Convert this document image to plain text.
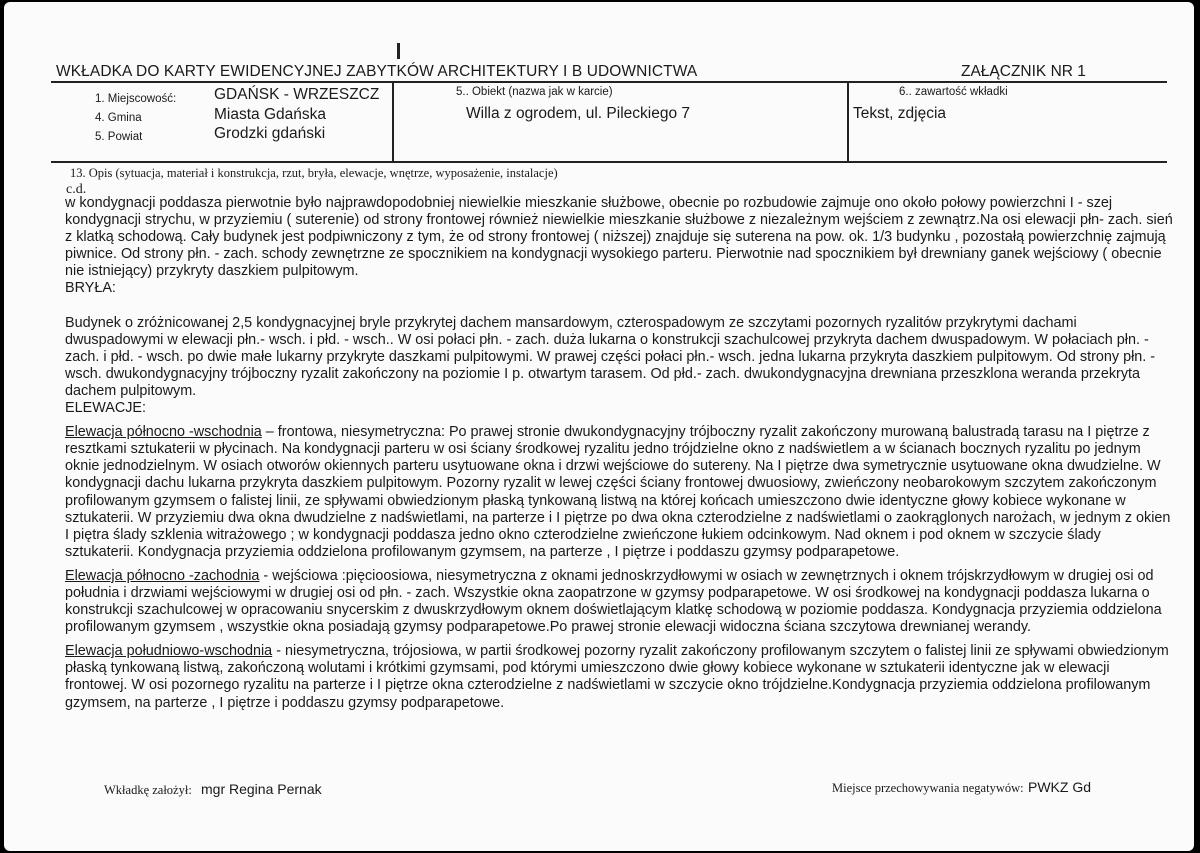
WKŁADKA DO KARTY EWIDENCYJNEJ ZABYTKÓW ARCHITEKTURY I B UDOWNICTWA	ZAŁĄCZNIK NR 1
1. Miejscowość: GDAŃSK - WRZESZCZ
4. Gmina	Miasta Gdańska
5. Powiat	Grodzki gdański
5.. Obiekt (nazwa jak w karcie)
Willa z ogrodem, ul. Pileckiego 7
6.. zawartość wkładki
Tekst, zdjęcia
13. Opis (sytuacja, materiał i konstrukcja, rzut, bryła, elewacje, wnętrze, wyposażenie, instalacje)
c.d.

w kondygnacji poddasza pierwotnie było najprawdopodobniej niewielkie mieszkanie służbowe, obecnie po rozbudowie zajmuje ono około połowy powierzchni I - szej kondygnacji strychu, w przyziemiu ( suterenie) od strony frontowej również niewielkie mieszkanie służbowe z niezależnym wejściem z zewnątrz.Na osi elewacji płn- zach. sień z klatką schodową. Cały budynek jest podpiwniczony z tym, że od strony frontowej ( niższej) znajduje się suterena na pow. ok. 1/3 budynku , pozostałą powierzchnię zajmują piwnice. Od strony płn. - zach. schody zewnętrzne ze spocznikiem na kondygnacji wysokiego parteru. Pierwotnie nad spocznikiem był drewniany ganek wejściowy ( obecnie nie istniejący) przykryty daszkiem pulpitowym.

BRYŁA:

Budynek o zróżnicowanej 2,5 kondygnacyjnej bryle przykrytej dachem mansardowym, czterospadowym ze szczytami pozornych ryzalitów przykrytymi dachami dwuspadowymi w elewacji płn.- wsch. i płd. - wsch.. W osi połaci płn. - zach. duża lukarna o konstrukcji szachulcowej przykryta dachem dwuspadowym. W połaciach płn. - zach. i płd. - wsch. po dwie małe lukarny przykryte daszkami pulpitowymi. W prawej części połaci płn.- wsch. jedna lukarna przykryta daszkiem pulpitowym. Od strony płn. -wsch. dwukondygnacyjny trójboczny ryzalit zakończony na poziomie I p. otwartym tarasem. Od płd.- zach. dwukondygnacyjna drewniana przeszklona weranda przekryta dachem pulpitowym.

ELEWACJE:

Elewacja północno -wschodnia – frontowa, niesymetryczna: Po prawej stronie dwukondygnacyjny trójboczny ryzalit zakończony murowaną balustradą tarasu na I piętrze z resztkami sztukaterii w płycinach. Na kondygnacji parteru w osi ściany środkowej ryzalitu jedno trójdzielne okno z nadświetlem a w ścianach bocznych ryzalitu po jednym oknie jednodzielnym. W osiach otworów okiennych parteru usytuowane okna i drzwi wejściowe do sutereny. Na I piętrze dwa symetrycznie usytuowane okna dwudzielne. W kondygnacji dachu lukarna przykryta daszkiem pulpitowym. Pozorny ryzalit w lewej części ściany frontowej dwuosiowy, zwieńczony neobarokowym szczytem zakończonym profilowanym gzymsem o falistej linii, ze spływami obwiedzionym płaską tynkowaną listwą na której końcach umieszczono dwie identyczne głowy kobiece wykonane w sztukaterii. W przyziemiu dwa okna dwudzielne z nadświetlami, na parterze i I piętrze po dwa okna czterodzielne z nadświetlami o zaokrąglonych narożach, w jednym z okien I piętra ślady szklenia witrażowego ; w kondygnacji poddasza jedno okno czterodzielne zwieńczone łukiem odcinkowym. Nad oknem i pod oknem w szczycie ślady sztukaterii. Kondygnacja przyziemia oddzielona profilowanym gzymsem, na parterze , I piętrze i poddaszu gzymsy podparapetowe.

Elewacja północno -zachodnia - wejściowa :pięcioosiowa, niesymetryczna z oknami jednoskrzydłowymi w osiach w zewnętrznych i oknem trójskrzydłowym w drugiej osi od południa i drzwiami wejściowymi w drugiej osi od płn. - zach. Wszystkie okna zaopatrzone w gzymsy podparapetowe. W osi środkowej na kondygnacji poddasza lukarna o konstrukcji szachulcowej w opracowaniu snycerskim z dwuskrzydłowym oknem doświetlającym klatkę schodową w poziomie poddasza. Kondygnacja przyziemia oddzielona profilowanym gzymsem , wszystkie okna posiadają gzymsy podparapetowe.Po prawej stronie elewacji widoczna ściana szczytowa drewnianej werandy.

Elewacja południowo-wschodnia - niesymetryczna, trójosiowa, w partii środkowej pozorny ryzalit zakończony profilowanym szczytem o falistej linii ze spływami obwiedzionym płaską tynkowaną listwą, zakończoną wolutami i krótkimi gzymsami, pod którymi umieszczono dwie głowy kobiece wykonane w sztukaterii identyczne jak w elewacji frontowej. W osi pozornego ryzalitu na parterze i I piętrze okna czterodzielne z nadświetlami w szczycie okno trójdzielne.Kondygnacja przyziemia oddzielona profilowanym gzymsem, na parterze , I piętrze i poddaszu gzymsy podparapetowe.

Wkładkę założył: mgr Regina Pernak	Miejsce przechowywania negatywów: PWKZ Gd
